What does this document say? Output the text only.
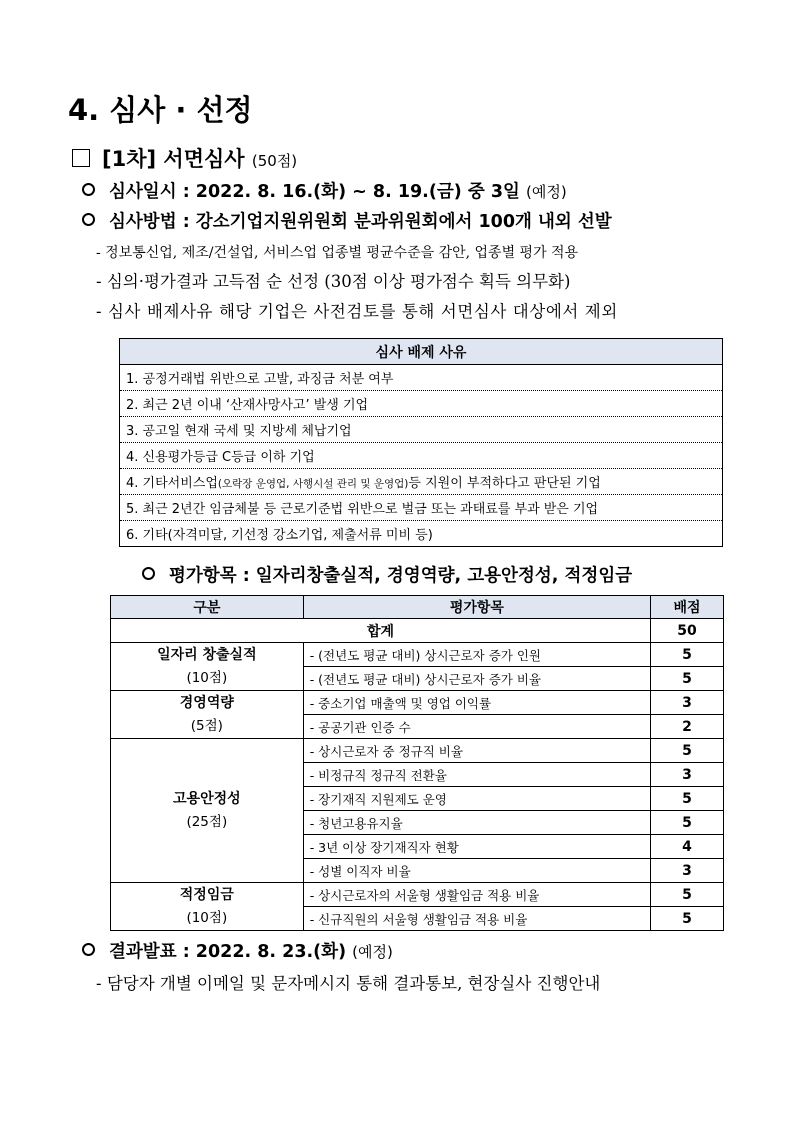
4. 심사 · 선정
[1차] 서면심사 (50점)
심사일시 : 2022. 8. 16.(화) ~ 8. 19.(금) 중 3일 (예정)
심사방법 : 강소기업지원위원회 분과위원회에서 100개 내외 선발
- 정보통신업, 제조/건설업, 서비스업 업종별 평균수준을 감안, 업종별 평가 적용
- 심의·평가결과 고득점 순 선정 (30점 이상 평가점수 획득 의무화)
- 심사 배제사유 해당 기업은 사전검토를 통해 서면심사 대상에서 제외
심사 배제 사유
1. 공정거래법 위반으로 고발, 과징금 처분 여부
2. 최근 2년 이내 ‘산재사망사고’ 발생 기업
3. 공고일 현재 국세 및 지방세 체납기업
4. 신용평가등급 C등급 이하 기업
4. 기타서비스업(오락장 운영업, 사행시설 관리 및 운영업)등 지원이 부적하다고 판단된 기업
5. 최근 2년간 임금체불 등 근로기준법 위반으로 벌금 또는 과태료를 부과 받은 기업
6. 기타(자격미달, 기선정 강소기업, 제출서류 미비 등)
평가항목 : 일자리창출실적, 경영역량, 고용안정성, 적정임금
구분	평가항목	배점
합계		50
일자리 창출실적
(10점)	- (전년도 평균 대비) 상시근로자 증가 인원	5
	- (전년도 평균 대비) 상시근로자 증가 비율	5
경영역량
(5점)	- 중소기업 매출액 및 영업 이익률	3
	- 공공기관 인증 수	2
고용안정성
(25점)	- 상시근로자 중 정규직 비율	5
	- 비정규직 정규직 전환율	3
	- 장기재직 지원제도 운영	5
	- 청년고용유지율	5
	- 3년 이상 장기재직자 현황	4
	- 성별 이직자 비율	3
적정임금
(10점)	- 상시근로자의 서울형 생활임금 적용 비율	5
	- 신규직원의 서울형 생활임금 적용 비율	5
결과발표 : 2022. 8. 23.(화) (예정)
- 담당자 개별 이메일 및 문자메시지 통해 결과통보, 현장실사 진행안내
